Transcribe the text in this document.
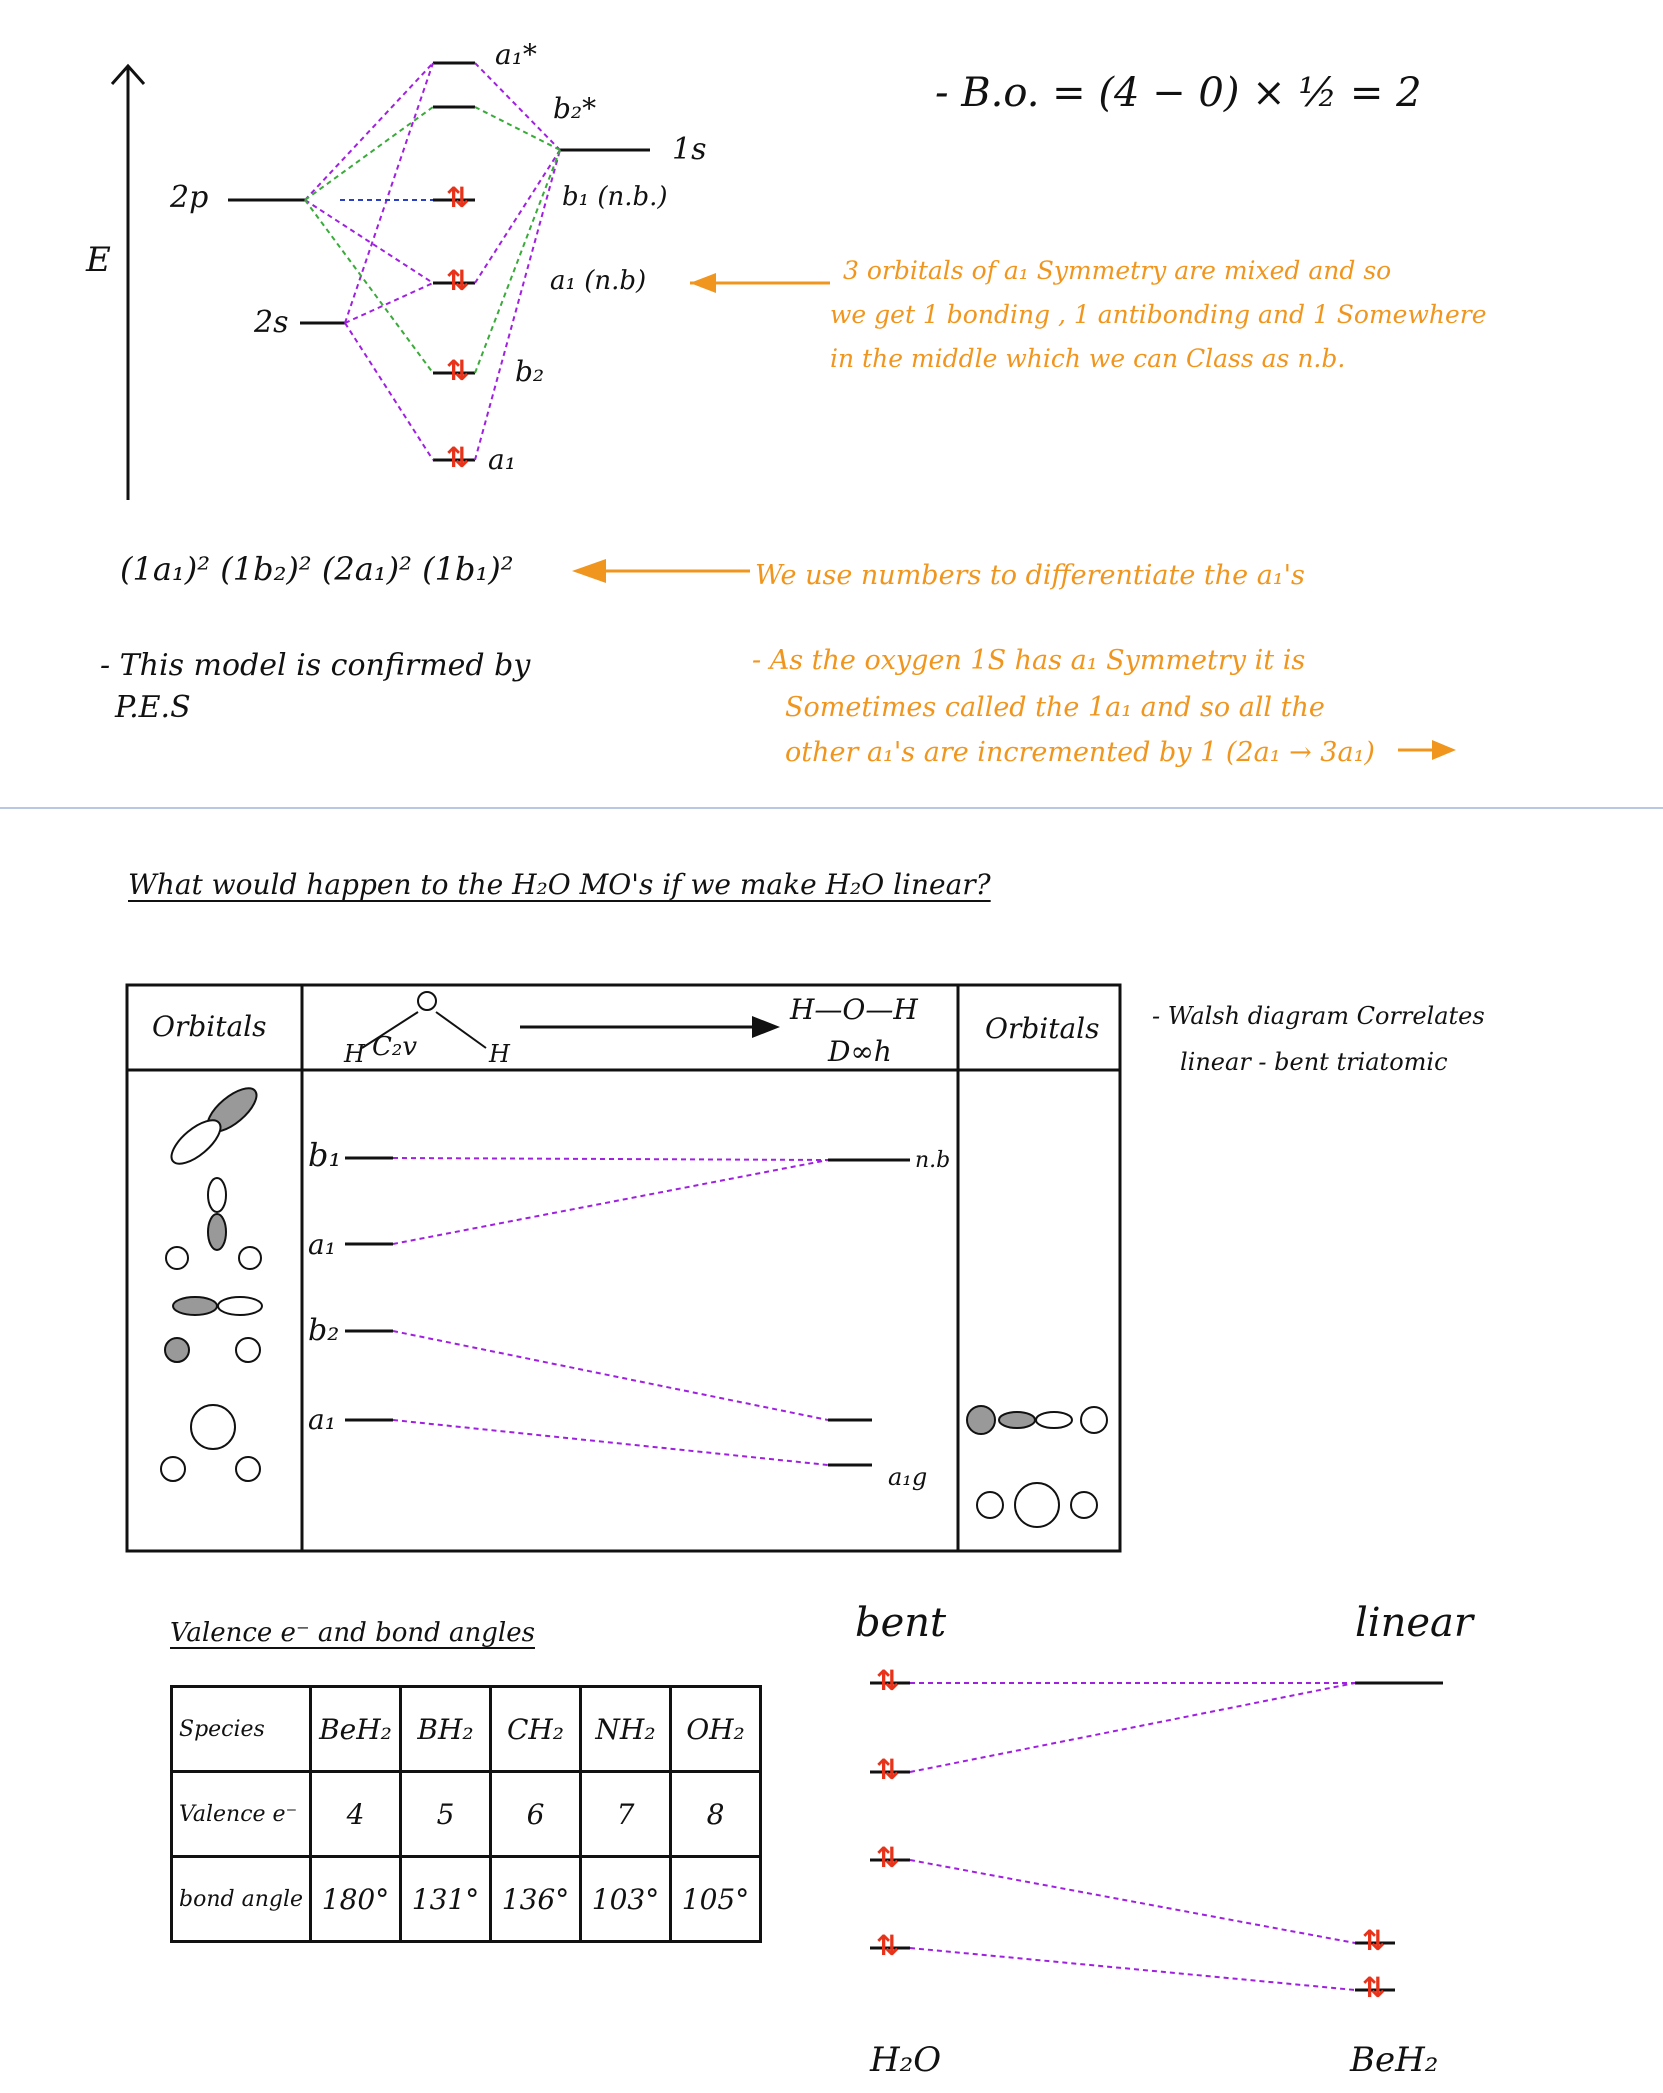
E
2p
2s
1s
a₁*
b₂*
b₁ (n.b.)
a₁ (n.b)
b₂
a₁
⇅
⇅
⇅
⇅
- B.o. = (4 − 0) × ½ = 2
(1a₁)² (1b₂)² (2a₁)² (1b₁)²
- This model is confirmed by
P.E.S
3 orbitals of a₁ Symmetry are mixed and so
we get 1 bonding , 1 antibonding and 1 Somewhere
in the middle which we can Class as n.b.
We use numbers to differentiate the a₁'s
- As the oxygen 1S has a₁ Symmetry it is
Sometimes called the 1a₁ and so all the
other a₁'s are incremented by 1 (2a₁ → 3a₁)
What would happen to the H₂O MO's if we make H₂O linear?
Orbitals	Orbitals
H	H
C₂v
H—O—H
D∞h
b₁
a₁
b₂
a₁
n.b
a₁g
- Walsh diagram Correlates
linear - bent triatomic
Valence e⁻ and bond angles
Species	BeH₂	BH₂	CH₂	NH₂	OH₂
Valence e⁻	4	5	6	7	8
bond angle	180°	131°	136°	103°	105°
bent	linear
⇅
⇅
⇅
⇅	⇅
⇅
H₂O	BeH₂
